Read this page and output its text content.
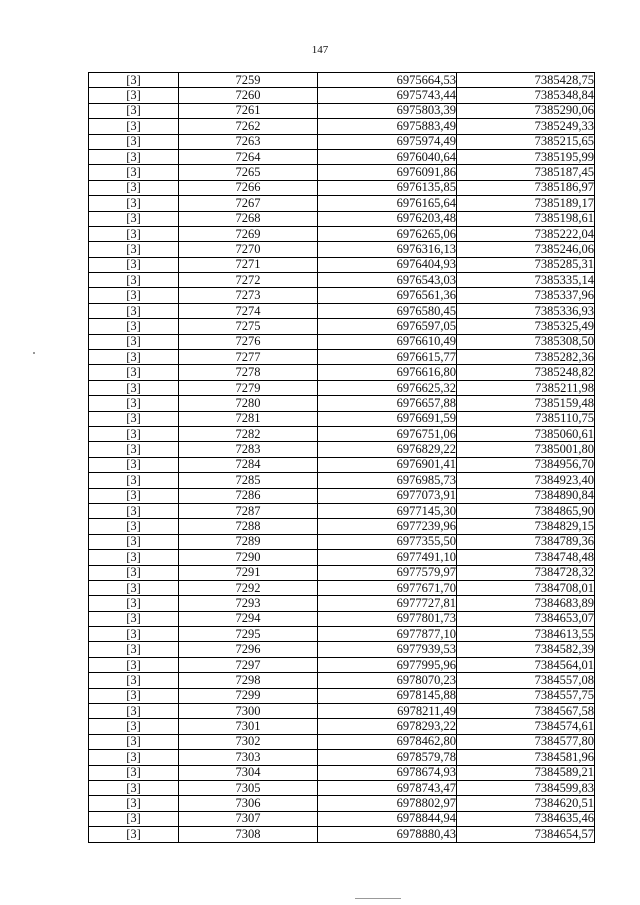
147
[3]	7259	6975664,53	7385428,75
[3]	7260	6975743,44	7385348,84
[3]	7261	6975803,39	7385290,06
[3]	7262	6975883,49	7385249,33
[3]	7263	6975974,49	7385215,65
[3]	7264	6976040,64	7385195,99
[3]	7265	6976091,86	7385187,45
[3]	7266	6976135,85	7385186,97
[3]	7267	6976165,64	7385189,17
[3]	7268	6976203,48	7385198,61
[3]	7269	6976265,06	7385222,04
[3]	7270	6976316,13	7385246,06
[3]	7271	6976404,93	7385285,31
[3]	7272	6976543,03	7385335,14
[3]	7273	6976561,36	7385337,96
[3]	7274	6976580,45	7385336,93
[3]	7275	6976597,05	7385325,49
[3]	7276	6976610,49	7385308,50
[3]	7277	6976615,77	7385282,36
[3]	7278	6976616,80	7385248,82
[3]	7279	6976625,32	7385211,98
[3]	7280	6976657,88	7385159,48
[3]	7281	6976691,59	7385110,75
[3]	7282	6976751,06	7385060,61
[3]	7283	6976829,22	7385001,80
[3]	7284	6976901,41	7384956,70
[3]	7285	6976985,73	7384923,40
[3]	7286	6977073,91	7384890,84
[3]	7287	6977145,30	7384865,90
[3]	7288	6977239,96	7384829,15
[3]	7289	6977355,50	7384789,36
[3]	7290	6977491,10	7384748,48
[3]	7291	6977579,97	7384728,32
[3]	7292	6977671,70	7384708,01
[3]	7293	6977727,81	7384683,89
[3]	7294	6977801,73	7384653,07
[3]	7295	6977877,10	7384613,55
[3]	7296	6977939,53	7384582,39
[3]	7297	6977995,96	7384564,01
[3]	7298	6978070,23	7384557,08
[3]	7299	6978145,88	7384557,75
[3]	7300	6978211,49	7384567,58
[3]	7301	6978293,22	7384574,61
[3]	7302	6978462,80	7384577,80
[3]	7303	6978579,78	7384581,96
[3]	7304	6978674,93	7384589,21
[3]	7305	6978743,47	7384599,83
[3]	7306	6978802,97	7384620,51
[3]	7307	6978844,94	7384635,46
[3]	7308	6978880,43	7384654,57
